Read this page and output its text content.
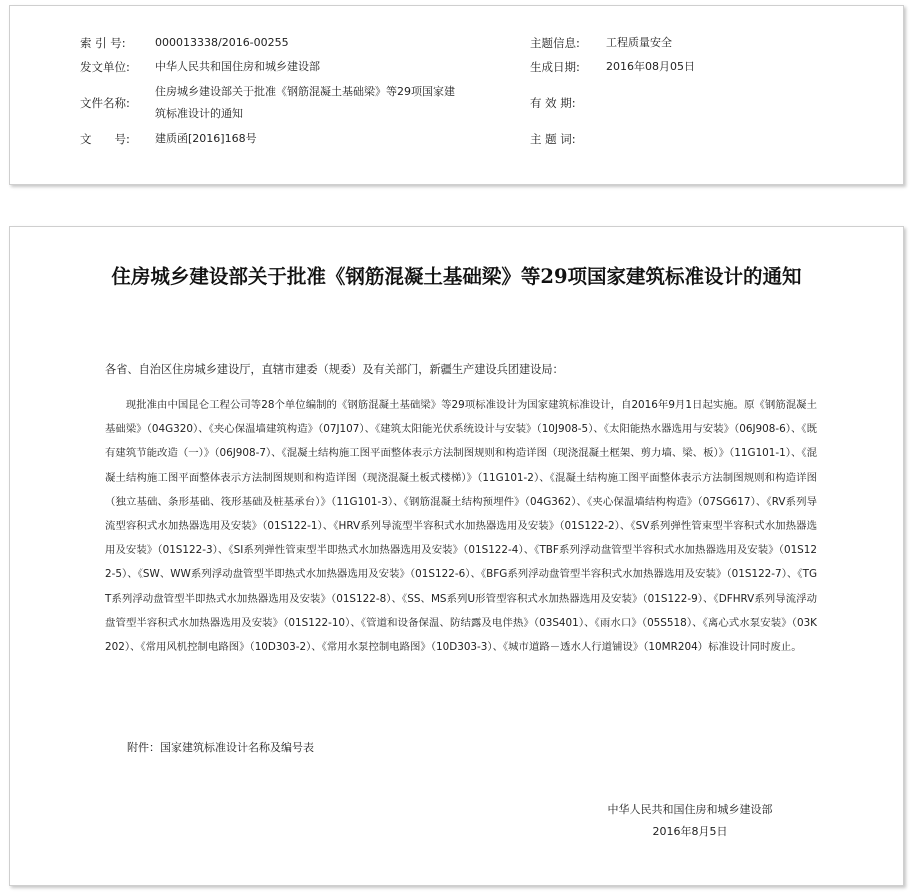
索 引 号:	000013338/2016-00255
发文单位: 中华人民共和国住房和城乡建设部
文件名称:
住房城乡建设部关于批准《钢筋混凝土基础梁》等29项国家建筑标准设计的通知
文　　号: 建质函[2016]168号
主题信息: 工程质量安全
生成日期: 2016年08月05日
有 效 期:
主 题 词:
住房城乡建设部关于批准《钢筋混凝土基础梁》等29项国家建筑标准设计的通知
各省、自治区住房城乡建设厅，直辖市建委（规委）及有关部门，新疆生产建设兵团建设局：

现批准由中国昆仑工程公司等28个单位编制的《钢筋混凝土基础梁》等29项标准设计为国家建筑标准设计，自2016年9月1日起实施。原《钢筋混凝土基础梁》（04G320）、《夹心保温墙建筑构造》（07J107）、《建筑太阳能光伏系统设计与安装》（10J908-5）、《太阳能热水器选用与安装》（06J908-6）、《既有建筑节能改造（一）》（06J908-7）、《混凝土结构施工图平面整体表示方法制图规则和构造详图（现浇混凝土框架、剪力墙、梁、板）》（11G101-1）、《混凝土结构施工图平面整体表示方法制图规则和构造详图（现浇混凝土板式楼梯）》（11G101-2）、《混凝土结构施工图平面整体表示方法制图规则和构造详图（独立基础、条形基础、筏形基础及桩基承台）》（11G101-3）、《钢筋混凝土结构预埋件》（04G362）、《夹心保温墙结构构造》（07SG617）、《RV系列导流型容积式水加热器选用及安装》（01S122-1）、《HRV系列导流型半容积式水加热器选用及安装》（01S122-2）、《SV系列弹性管束型半容积式水加热器选用及安装》（01S122-3）、《SI系列弹性管束型半即热式水加热器选用及安装》（01S122-4）、《TBF系列浮动盘管型半容积式水加热器选用及安装》（01S122-5）、《SW、WW系列浮动盘管型半即热式水加热器选用及安装》（01S122-6）、《BFG系列浮动盘管型半容积式水加热器选用及安装》（01S122-7）、《TGT系列浮动盘管型半即热式水加热器选用及安装》（01S122-8）、《SS、MS系列U形管型容积式水加热器选用及安装》（01S122-9）、《DFHRV系列导流浮动盘管型半容积式水加热器选用及安装》（01S122-10）、《管道和设备保温、防结露及电伴热》（03S401）、《雨水口》（05S518）、《离心式水泵安装》（03K202）、《常用风机控制电路图》（10D303-2）、《常用水泵控制电路图》（10D303-3）、《城市道路－透水人行道铺设》（10MR204）标准设计同时废止。

附件：国家建筑标准设计名称及编号表
中华人民共和国住房和城乡建设部
2016年8月5日
